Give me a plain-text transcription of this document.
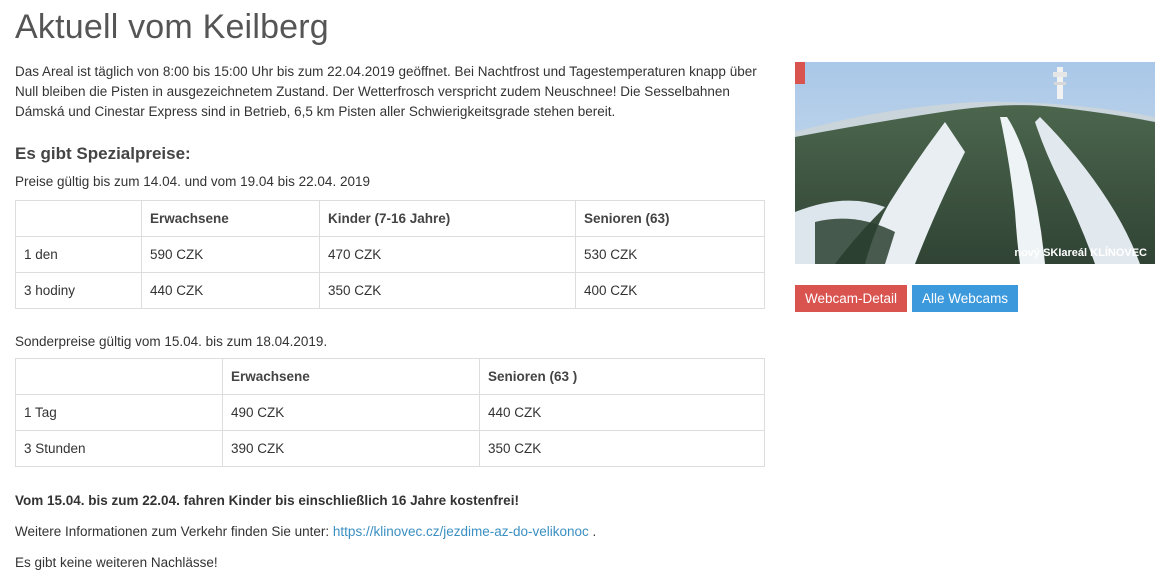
Aktuell vom Keilberg

Das Areal ist täglich von 8:00 bis 15:00 Uhr bis zum 22.04.2019 geöffnet. Bei Nachtfrost und Tagestemperaturen knapp über Null bleiben die Pisten in ausgezeichnetem Zustand. Der Wetterfrosch verspricht zudem Neuschnee! Die Sesselbahnen Dámská und Cinestar Express sind in Betrieb, 6,5 km Pisten aller Schwierigkeitsgrade stehen bereit.

Es gibt Spezialpreise:

Preise gültig bis zum 14.04. und vom 19.04 bis 22.04. 2019

	Erwachsene	Kinder (7-16 Jahre)	Senioren (63)
1 den	590 CZK	470 CZK	530 CZK
3 hodiny	440 CZK	350 CZK	400 CZK

Sonderpreise gültig vom 15.04. bis zum 18.04.2019.

	Erwachsene	Senioren (63 )
1 Tag	490 CZK	440 CZK
3 Stunden	390 CZK	350 CZK

Vom 15.04. bis zum 22.04. fahren Kinder bis einschließlich 16 Jahre kostenfrei!

Weitere Informationen zum Verkehr finden Sie unter: https://klinovec.cz/jezdime-az-do-velikonoc .

Es gibt keine weiteren Nachlässe!

nový SKIareál KLÍNOVEC
Webcam-Detail Alle Webcams
